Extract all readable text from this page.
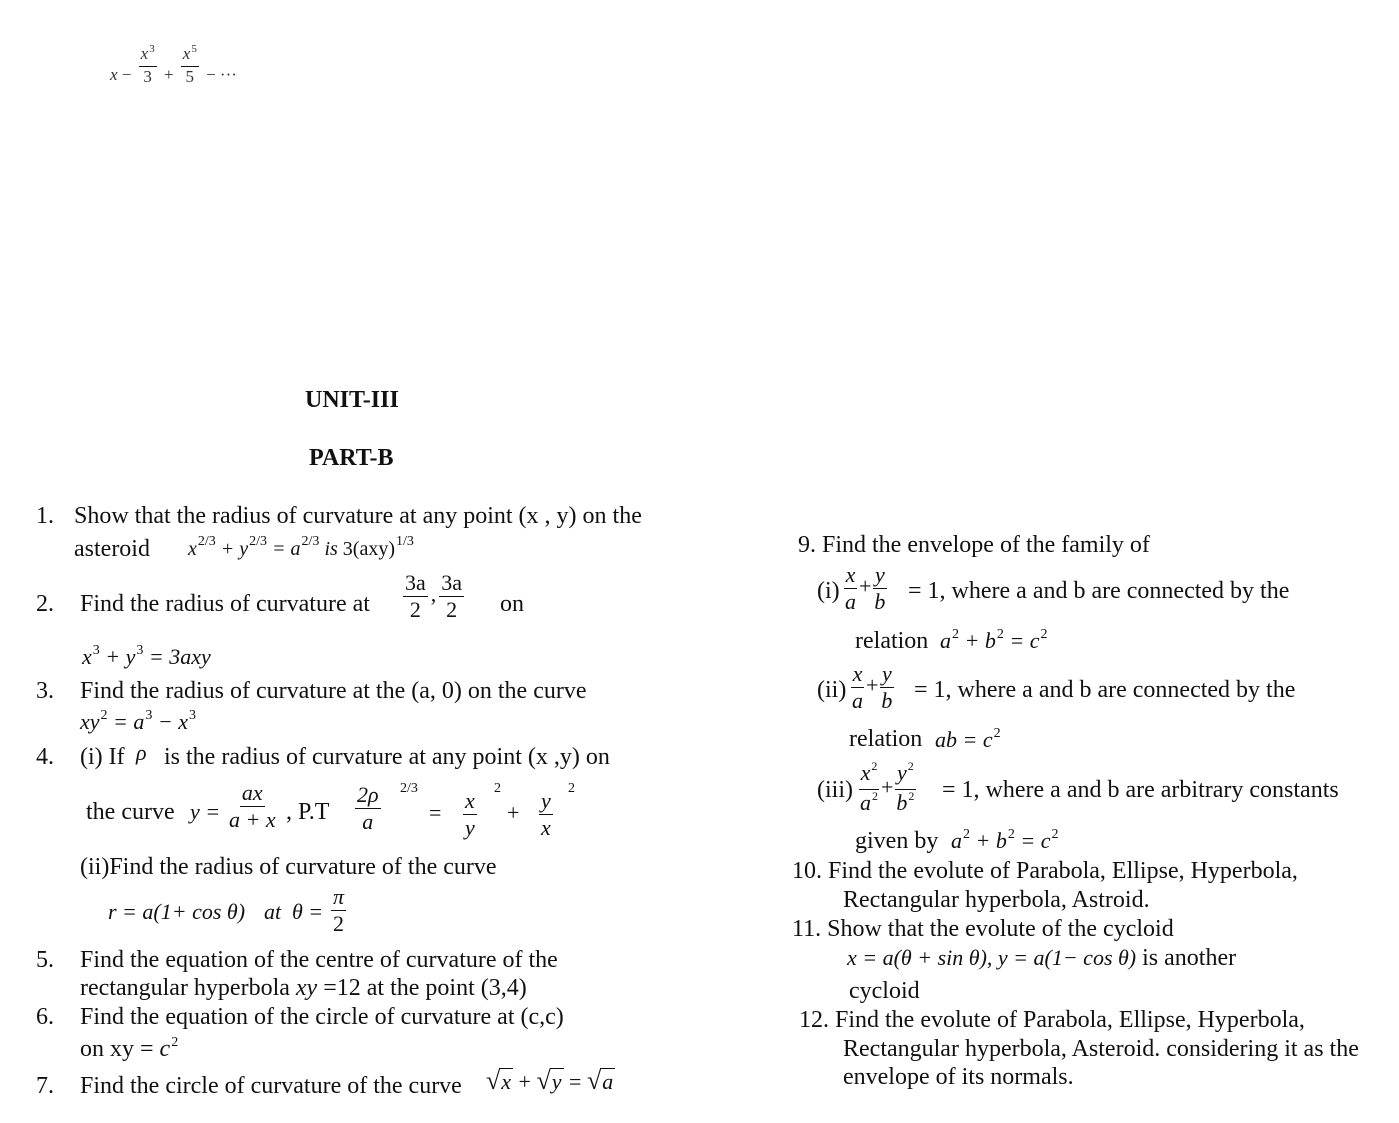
$x - \frac{x^3}{3} + \frac{x^5}{5}$ − ···
UNIT-III
PART-B
1. Show that the radius of curvature at any point (x , y) on the
asteroid $x^{2/3} + y^{2/3} = a^{2/3}$ is 3(axy)$^{1/3}$
2. Find the radius of curvature at $\frac{3a}{2}$ , $\frac{3a}{2}$ on
$x^3 + y^3 = 3axy$
3. Find the radius of curvature at the (a, 0) on the curve
$xy^2 = a^3 - x^3$
4. (i) If ρ is the radius of curvature at any point (x ,y) on
the curve $y = \frac{ax}{a + x}$ , P.T
2/3
$\frac{2\rho}{a} = \frac{x}{y} 2$
+ $\frac{y}{x} 2$
(ii)Find the radius of curvature of the curve
r = a(1+ cos θ) at $\theta = \frac{\pi}{2}$
5. Find the equation of the centre of curvature of the
rectangular hyperbola xy =12 at the point (3,4)
6. Find the equation of the circle of curvature at (c,c)
on xy = $c^2$
7. Find the circle of curvature of the curve √x + √y = √a
9. Find the envelope of the family of
$(i) \frac{x}{a} + \frac{y}{b} = 1$, where a and b are connected by the
relation $a^2 + b^2 = c^2$
$(ii) \frac{x}{a} + \frac{y}{b} = 1$, where a and b are connected by the
relation ab = $c^2$
$(iii) \frac{x^2}{a^2} + \frac{y^2}{b^2} = 1$, where a and b are arbitrary constants
given by $a^2 + b^2 = c^2$
10. Find the evolute of Parabola, Ellipse, Hyperbola,
Rectangular hyperbola, Astroid.
11. Show that the evolute of the cycloid
x = a(θ + sin θ), y = a(1− cos θ) is another
cycloid
12. Find the evolute of Parabola, Ellipse, Hyperbola,
Rectangular hyperbola, Asteroid. considering it as the
envelope of its normals.
